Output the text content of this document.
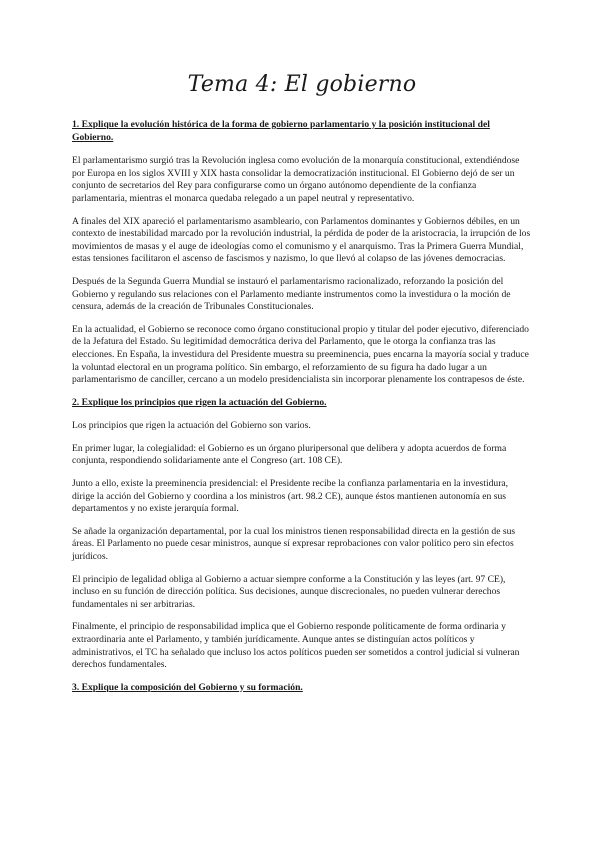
Tema 4: El gobierno

1. Explique la evolución histórica de la forma de gobierno parlamentario y la posición institucional del Gobierno.

El parlamentarismo surgió tras la Revolución inglesa como evolución de la monarquía constitucional, extendiéndose por Europa en los siglos XVIII y XIX hasta consolidar la democratización institucional. El Gobierno dejó de ser un conjunto de secretarios del Rey para configurarse como un órgano autónomo dependiente de la confianza parlamentaria, mientras el monarca quedaba relegado a un papel neutral y representativo.

A finales del XIX apareció el parlamentarismo asambleario, con Parlamentos dominantes y Gobiernos débiles, en un contexto de inestabilidad marcado por la revolución industrial, la pérdida de poder de la aristocracia, la irrupción de los movimientos de masas y el auge de ideologías como el comunismo y el anarquismo. Tras la Primera Guerra Mundial, estas tensiones facilitaron el ascenso de fascismos y nazismo, lo que llevó al colapso de las jóvenes democracias.

Después de la Segunda Guerra Mundial se instauró el parlamentarismo racionalizado, reforzando la posición del Gobierno y regulando sus relaciones con el Parlamento mediante instrumentos como la investidura o la moción de censura, además de la creación de Tribunales Constitucionales.

En la actualidad, el Gobierno se reconoce como órgano constitucional propio y titular del poder ejecutivo, diferenciado de la Jefatura del Estado. Su legitimidad democrática deriva del Parlamento, que le otorga la confianza tras las elecciones. En España, la investidura del Presidente muestra su preeminencia, pues encarna la mayoría social y traduce la voluntad electoral en un programa político. Sin embargo, el reforzamiento de su figura ha dado lugar a un parlamentarismo de canciller, cercano a un modelo presidencialista sin incorporar plenamente los contrapesos de éste.

2. Explique los principios que rigen la actuación del Gobierno.

Los principios que rigen la actuación del Gobierno son varios.

En primer lugar, la colegialidad: el Gobierno es un órgano pluripersonal que delibera y adopta acuerdos de forma conjunta, respondiendo solidariamente ante el Congreso (art. 108 CE).

Junto a ello, existe la preeminencia presidencial: el Presidente recibe la confianza parlamentaria en la investidura, dirige la acción del Gobierno y coordina a los ministros (art. 98.2 CE), aunque éstos mantienen autonomía en sus departamentos y no existe jerarquía formal.

Se añade la organización departamental, por la cual los ministros tienen responsabilidad directa en la gestión de sus áreas. El Parlamento no puede cesar ministros, aunque sí expresar reprobaciones con valor político pero sin efectos jurídicos.

El principio de legalidad obliga al Gobierno a actuar siempre conforme a la Constitución y las leyes (art. 97 CE), incluso en su función de dirección política. Sus decisiones, aunque discrecionales, no pueden vulnerar derechos fundamentales ni ser arbitrarias.

Finalmente, el principio de responsabilidad implica que el Gobierno responde políticamente de forma ordinaria y extraordinaria ante el Parlamento, y también jurídicamente. Aunque antes se distinguían actos políticos y administrativos, el TC ha señalado que incluso los actos políticos pueden ser sometidos a control judicial si vulneran derechos fundamentales.

3. Explique la composición del Gobierno y su formación.
